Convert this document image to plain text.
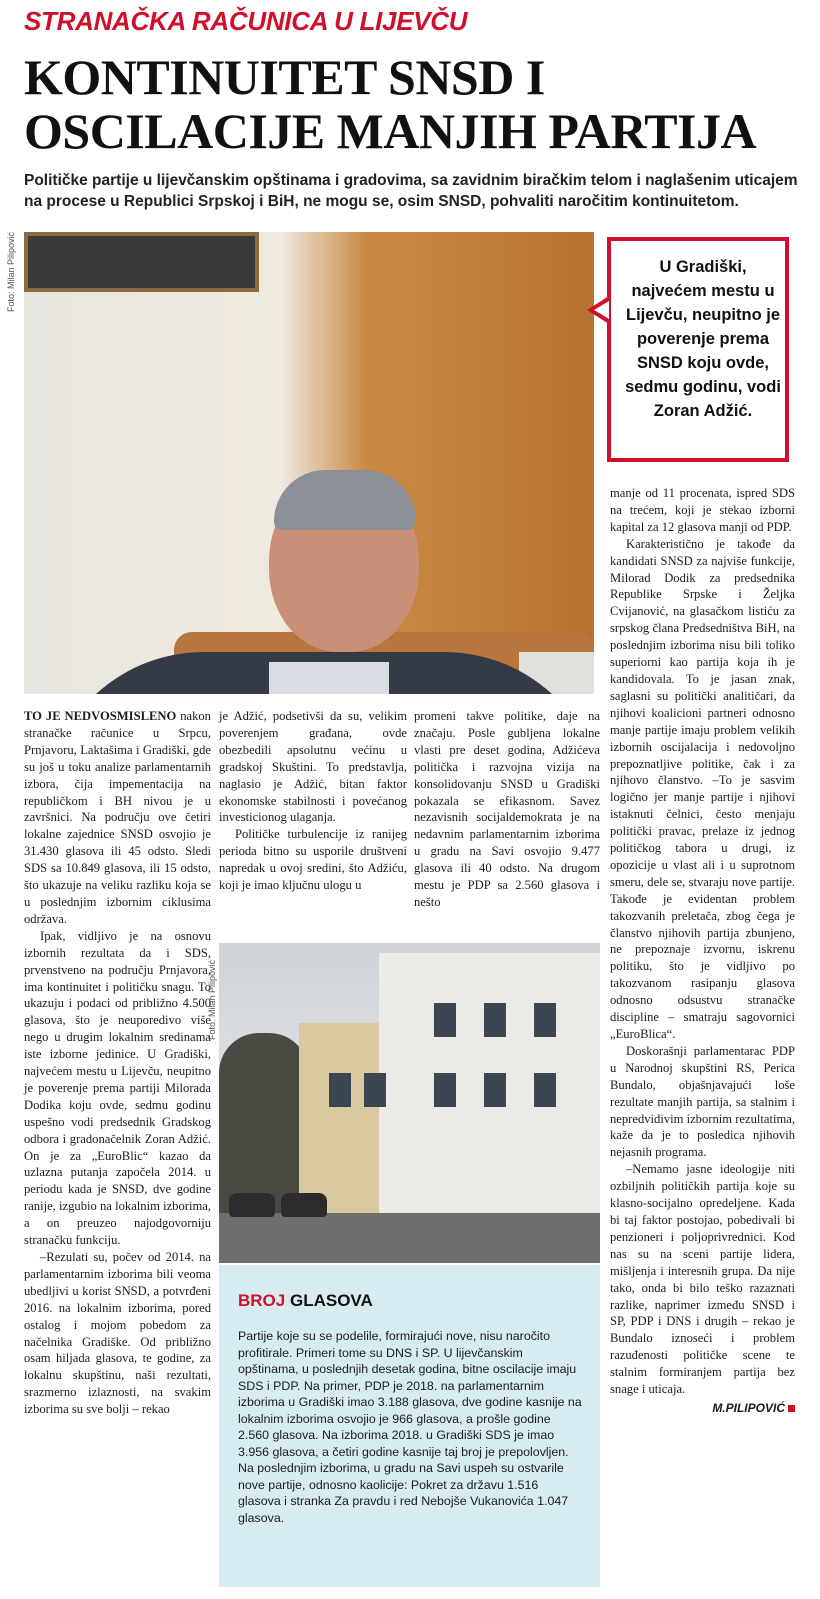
STRANAČKA RAČUNICA U LIJEVČU
KONTINUITET SNSD I OSCILACIJE MANJIH PARTIJA
Političke partije u lijevčanskim opštinama i gradovima, sa zavidnim biračkim telom i naglašenim uticajem na procese u Republici Srpskoj i BiH, ne mogu se, osim SNSD, pohvaliti naročitim kontinuitetom.
Foto: Milan Pilipović	U Gradiški, najvećem mestu u Lijevču, neupitno je poverenje prema SNSD koju ovde, sedmu godinu, vodi Zoran Adžić.

TO JE NEDVOSMISLENO nakon stranačke računice u Srpcu, Prnjavoru, Laktašima i Gradiški, gde su još u toku analize parlamentarnih izbora, čija impementacija na republičkom i BH nivou je u završnici. Na području ove četiri lokalne zajednice SNSD osvojio je 31.430 glasova ili 45 odsto. Sledi SDS sa 10.849 glasova, ili 15 odsto, što ukazuje na veliku razliku koja se u poslednjim izbornim ciklusima održava.

Ipak, vidljivo je na osnovu izbornih rezultata da i SDS, prvenstveno na području Prnjavora, ima kontinuitet i političku snagu. To ukazuju i podaci od približno 4.500 glasova, što je neuporedivo više nego u drugim lokalnim sredinama iste izborne jedinice. U Gradiški, najvećem mestu u Lijevču, neupitno je poverenje prema partiji Milorada Dodika koju ovde, sedmu godinu uspešno vodi predsednik Gradskog odbora i gradonačelnik Zoran Adžić. On je za „EuroBlic“ kazao da uzlazna putanja započela 2014. u periodu kada je SNSD, dve godine ranije, izgubio na lokalnim izborima, a on preuzeo najodgovorniju stranačku funkciju.

–Rezulati su, počev od 2014. na parlamentarnim izborima bili veoma ubedljivi u korist SNSD, a potvrđeni 2016. na lokalnim izborima, pored ostalog i mojom pobedom za načelnika Gradiške. Od približno osam hiljada glasova, te godine, za lokalnu skupštinu, naši rezultati, srazmerno izlaznosti, na svakim izborima su sve bolji – rekao

je Adžić, podsetivši da su, velikim poverenjem građana, ovde obezbedili apsolutnu većinu u gradskoj Skuštini. To predstavlja, naglasio je Adžić, bitan faktor ekonomske stabilnosti i povećanog investicionog ulaganja.

Političke turbulencije iz ranijeg perioda bitno su usporile društveni napredak u ovoj sredini, što Adžiću, koji je imao ključnu ulogu u

promeni takve politike, daje na značaju. Posle gubljena lokalne vlasti pre deset godina, Adžićeva politička i razvojna vizija na konsolidovanju SNSD u Gradiški pokazala se efikasnom. Savez nezavisnih socijaldemokrata je na nedavnim parlamentarnim izborima u gradu na Savi osvojio 9.477 glasova ili 40 odsto. Na drugom mestu je PDP sa 2.560 glasova i nešto

Foto: Milan Pilipović
BROJ GLASOVA
Partije koje su se podelile, formirajući nove, nisu naročito profitirale. Primeri tome su DNS i SP. U lijevčanskim opštinama, u poslednjih desetak godina, bitne oscilacije imaju SDS i PDP. Na primer, PDP je 2018. na parlamentarnim izborima u Gradiški imao 3.188 glasova, dve godine kasnije na lokalnim izborima osvojio je 966 glasova, a prošle godine 2.560 glasova. Na izborima 2018. u Gradiški SDS je imao 3.956 glasova, a četiri godine kasnije taj broj je prepolovljen. Na poslednjim izborima, u gradu na Savi uspeh su ostvarile nove partije, odnosno kaolicije: Pokret za državu 1.516 glasova i stranka Za pravdu i red Nebojše Vukanovića 1.047 glasova.

manje od 11 procenata, ispred SDS na trećem, koji je stekao izborni kapital za 12 glasova manji od PDP.

Karakteristično je takođe da kandidati SNSD za najviše funkcije, Milorad Dodik za predsednika Republike Srpske i Željka Cvijanović, na glasačkom listiću za srpskog člana Predsedništva BiH, na poslednjim izborima nisu bili toliko superiorni kao partija koja ih je kandidovala. To je jasan znak, saglasni su politički analitičari, da njihovi koalicioni partneri odnosno manje partije imaju problem velikih izbornih oscijalacija i nedovoljno prepoznatljive politike, čak i za njihovo članstvo. –To je sasvim logično jer manje partije i njihovi istaknuti čelnici, često menjaju politički pravac, prelaze iz jednog političkog tabora u drugi, iz opozicije u vlast ali i u suprotnom smeru, dele se, stvaraju nove partije. Takođe je evidentan problem takozvanih preletača, zbog čega je članstvo njihovih partija zbunjeno, ne prepoznaje izvornu, iskrenu politiku, što je vidljivo po takozvanom rasipanju glasova odnosno odsustvu stranačke discipline – smatraju sagovornici „EuroBlica“.

Doskorašnji parlamentarac PDP u Narodnoj skupštini RS, Perica Bundalo, objašnjavajući loše rezultate manjih partija, sa stalnim i nepredvidivim izbornim rezultatima, kaže da je to posledica njihovih nejasnih programa.

–Nemamo jasne ideologije niti ozbiljnih političkih partija koje su klasno-socijalno opredeljene. Kada bi taj faktor postojao, pobedivali bi penzioneri i poljoprivrednici. Kod nas su na sceni partije lidera, mišljenja i interesnih grupa. Da nije tako, onda bi bilo teško razaznati razlike, naprimer između SNSD i SP, PDP i DNS i drugih – rekao je Bundalo iznoseći i problem razuđenosti političke scene te stalnim formiranjem partija bez snage i uticaja.

M.PILIPOVIĆ
